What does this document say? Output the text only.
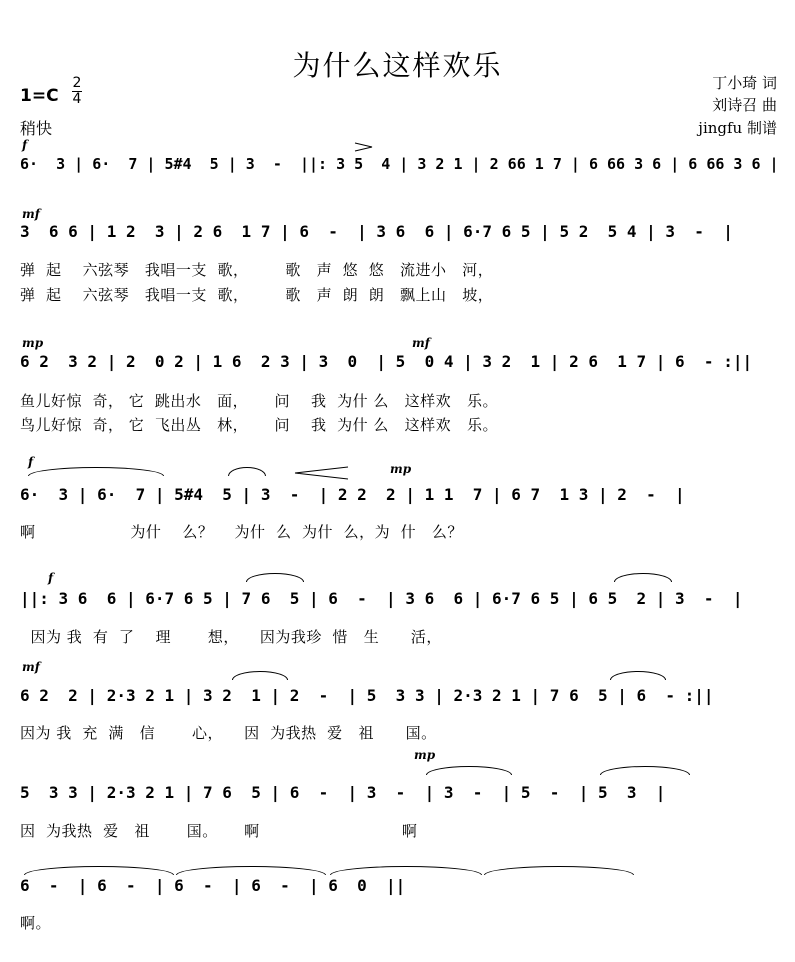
为什么这样欢乐
1=C
2
4
稍快
丁小琦 词
刘诗召 曲
jingfu 制谱
f
6·  3 | 6·  7 | 5#4  5 | 3  -  ||: 3 5  4 | 3 2 1 | 2 66 1 7 | 6 66 3 6 | 6 66 3 6 |
mf
3  6 6 | 1 2  3 | 2 6  1 7 | 6  -  | 3 6  6 | 6·7 6 5 | 5 2  5 4 | 3  -  |
弹  起    六弦琴   我唱一支  歌，       歌   声  悠  悠   流进小   河，
弹  起    六弦琴   我唱一支  歌，       歌   声  朗  朗   飘上山   坡，
mp	mf
6 2  3 2 | 2  0 2 | 1 6  2 3 | 3  0  | 5  0 4 | 3 2  1 | 2 6  1 7 | 6  - :||
鱼儿好惊  奇， 它  跳出水   面，     问    我  为什 么   这样欢   乐。
鸟儿好惊  奇， 它  飞出丛   林，     问    我  为什 么   这样欢   乐。
f	mp
6·  3 | 6·  7 | 5#4  5 | 3  -  | 2 2  2 | 1 1  7 | 6 7  1 3 | 2  -  |
啊                  为什    么？    为什  么  为什  么，为  什   么？
f
||: 3 6  6 | 6·7 6 5 | 7 6  5 | 6  -  | 3 6  6 | 6·7 6 5 | 6 5  2 | 3  -  |
因为 我  有  了    理       想，    因为我珍  惜   生      活，
mf
6 2  2 | 2·3 2 1 | 3 2  1 | 2  -  | 5  3 3 | 2·3 2 1 | 7 6  5 | 6  - :||
因为 我  充  满   信       心，    因  为我热  爱   祖      国。
mp
5  3 3 | 2·3 2 1 | 7 6  5 | 6  -  | 3  -  | 3  -  | 5  -  | 5  3  |
因  为我热  爱   祖       国。     啊                           啊
6  -  | 6  -  | 6  -  | 6  -  | 6  0  ||
啊。
